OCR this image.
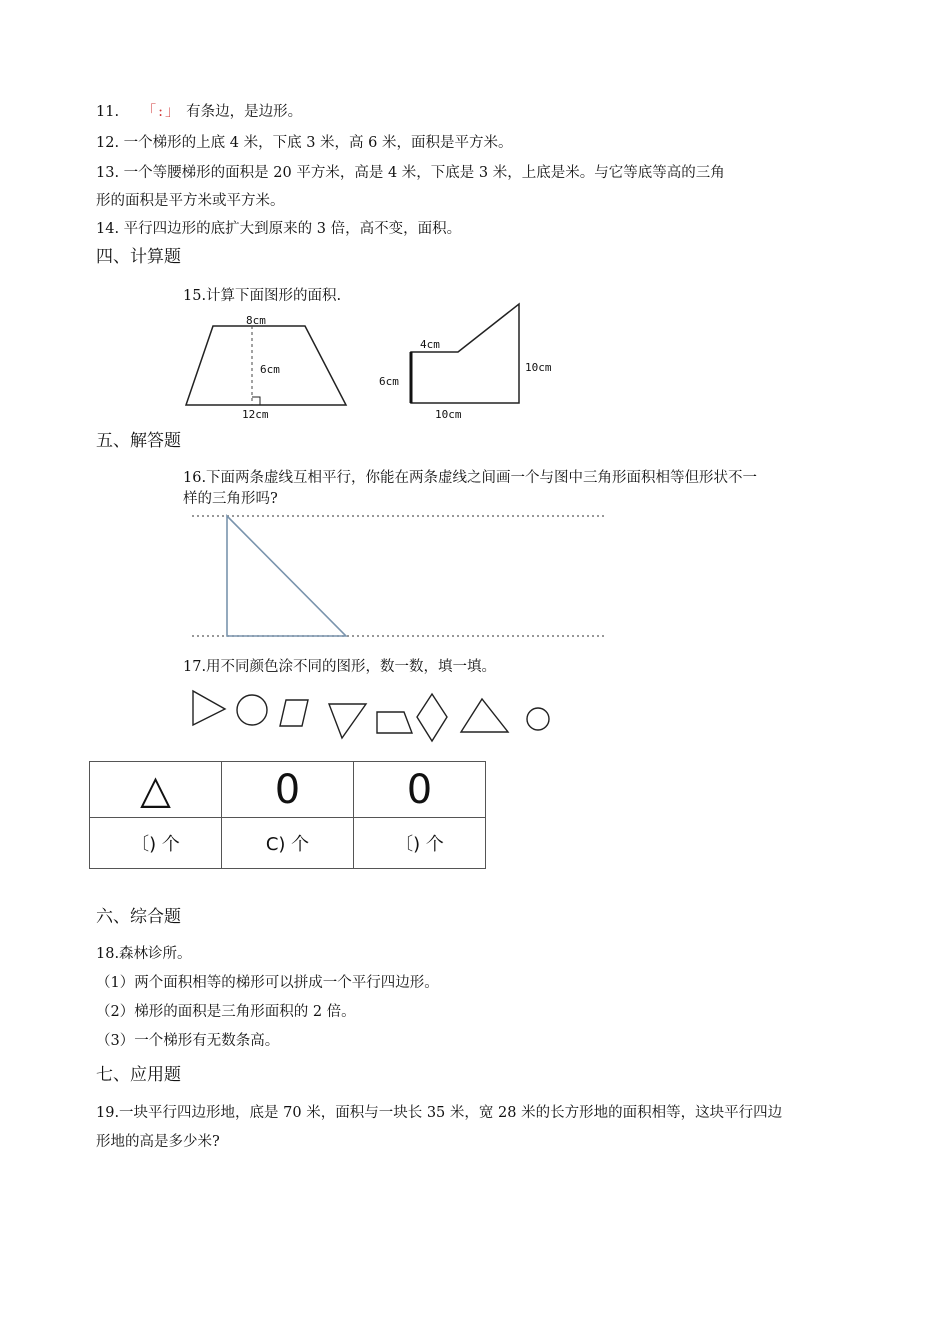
11. 「:」 有条边，是边形。
12. 一个梯形的上底 4 米，下底 3 米，高 6 米，面积是平方米。
13. 一个等腰梯形的面积是 20 平方米，高是 4 米，下底是 3 米，上底是米。与它等底等高的三角
形的面积是平方米或平方米。
14. 平行四边形的底扩大到原来的 3 倍，高不变，面积。
四、计算题
15.计算下面图形的面积.
8cm
6cm
12cm
4cm
6cm
10cm
10cm
五、解答题
16.下面两条虚线互相平行，你能在两条虚线之间画一个与图中三角形面积相等但形状不一
样的三角形吗?
17.用不同颜色涂不同的图形，数一数，填一填。
△	0	0
〔) 个	C) 个	〔) 个
六、综合题
18.森林诊所。
（1）两个面积相等的梯形可以拼成一个平行四边形。
（2）梯形的面积是三角形面积的 2 倍。
（3）一个梯形有无数条高。
七、应用题
19.一块平行四边形地，底是 70 米，面积与一块长 35 米，宽 28 米的长方形地的面积相等，这块平行四边
形地的高是多少米?
